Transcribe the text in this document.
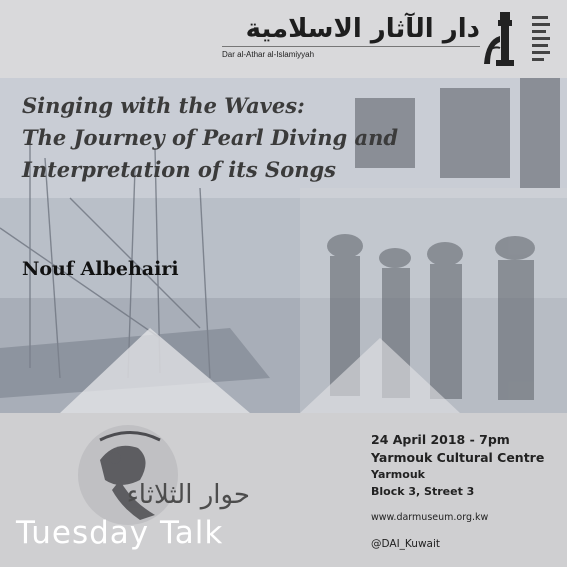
دار الآثار الاسلامية
Dar al-Athar al-Islamiyyah
Singing with the Waves:
The Journey of Pearl Diving and
Interpretation of its Songs
Nouf Albehairi
حوار الثلاثاء
Tuesday Talk
24 April 2018 - 7pm
Yarmouk Cultural Centre
Yarmouk
Block 3, Street 3
www.darmuseum.org.kw
@DAI_Kuwait
